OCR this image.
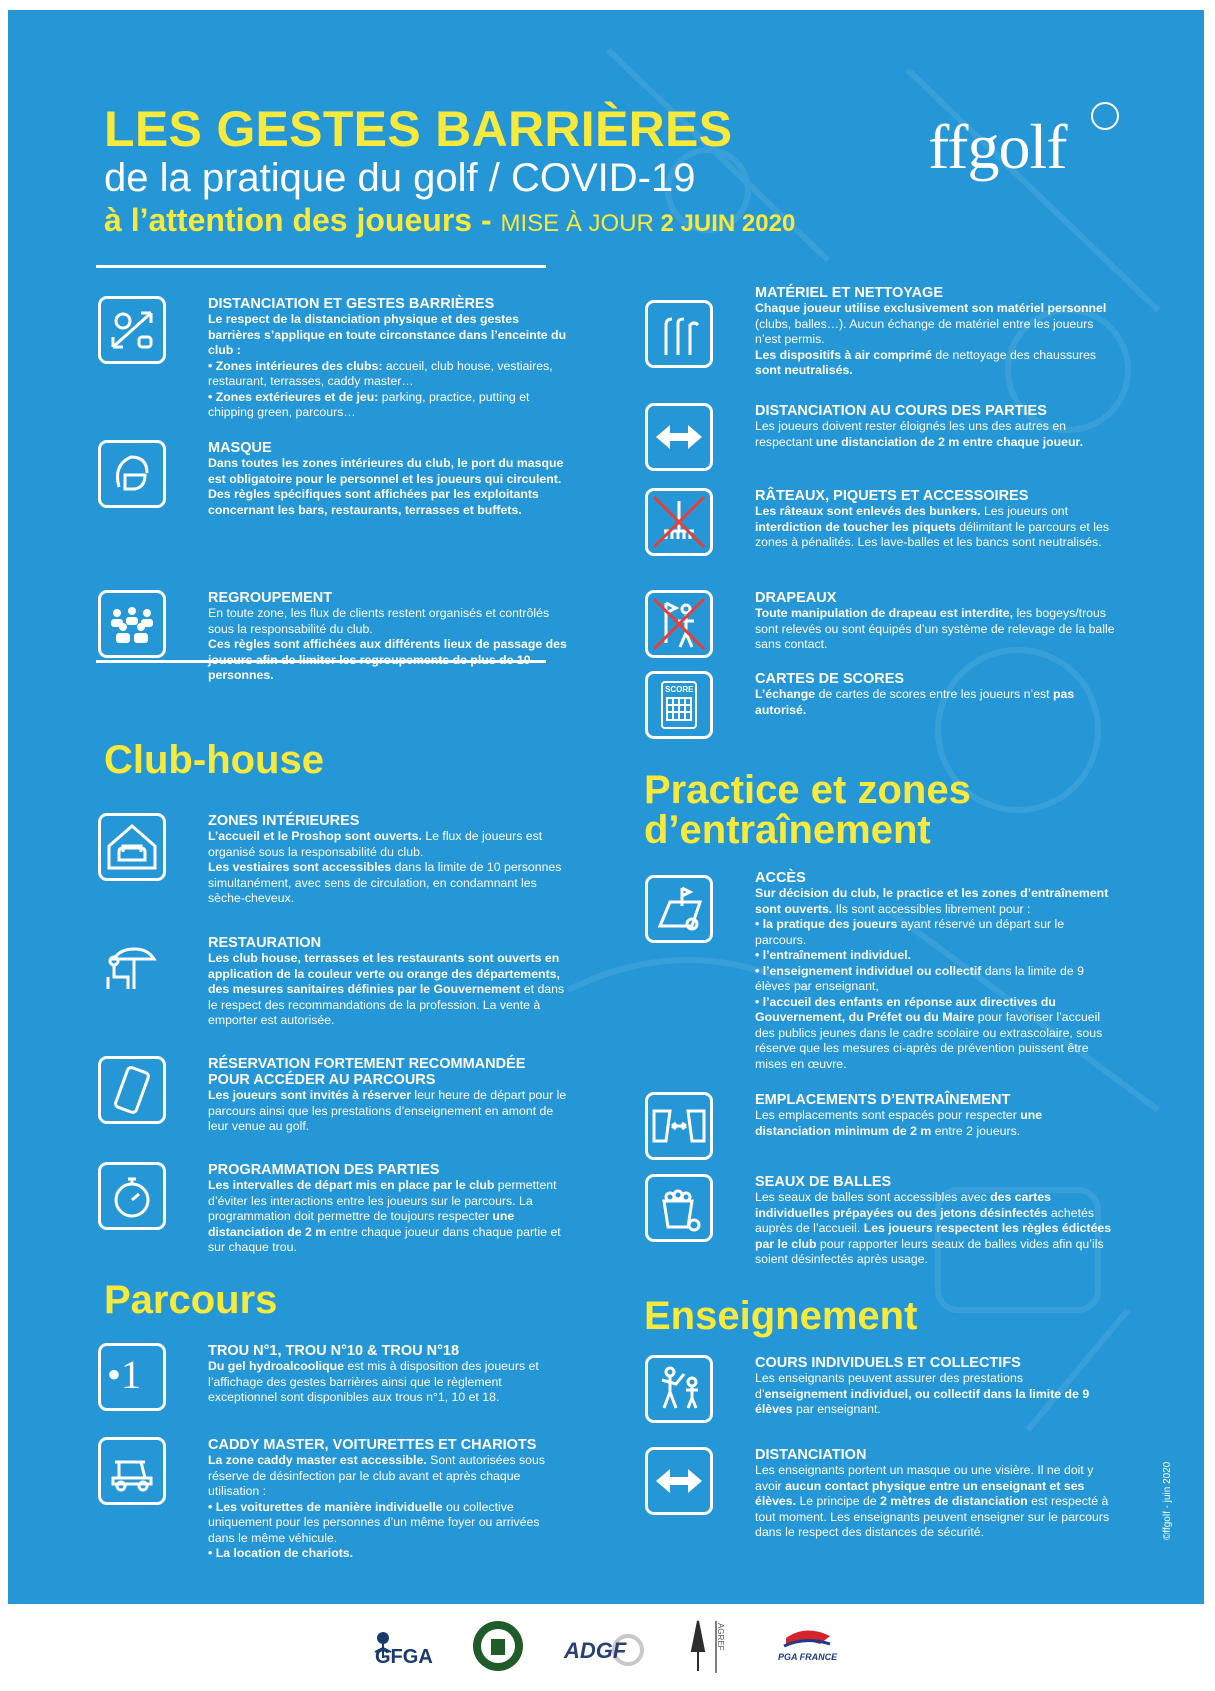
LES GESTES BARRIÈRES
de la pratique du golf / COVID-19
à l’attention des joueurs - MISE À JOUR 2 JUIN 2020
ffgolf
DISTANCIATION ET GESTES BARRIÈRES

Le respect de la distanciation physique et des gestes barrières s’applique en toute circonstance dans l’enceinte du club :

• Zones intérieures des clubs: accueil, club house, vestiaires, restaurant, terrasses, caddy master…

• Zones extérieures et de jeu: parking, practice, putting et chipping green, parcours…

MASQUE

Dans toutes les zones intérieures du club, le port du masque est obligatoire pour le personnel et les joueurs qui circulent. Des règles spécifiques sont affichées par les exploitants concernant les bars, restaurants, terrasses et buffets.

REGROUPEMENT

En toute zone, les flux de clients restent organisés et contrôlés sous la responsabilité du club.

Ces règles sont affichées aux différents lieux de passage des joueurs afin de limiter les regroupements de plus de 10 personnes.

Club-house
ZONES INTÉRIEURES

L’accueil et le Proshop sont ouverts. Le flux de joueurs est organisé sous la responsabilité du club.

Les vestiaires sont accessibles dans la limite de 10 personnes simultanément, avec sens de circulation, en condamnant les sèche-cheveux.

RESTAURATION

Les club house, terrasses et les restaurants sont ouverts en application de la couleur verte ou orange des départements, des mesures sanitaires définies par le Gouvernement et dans le respect des recommandations de la profession. La vente à emporter est autorisée.

RÉSERVATION FORTEMENT RECOMMANDÉE POUR ACCÉDER AU PARCOURS

Les joueurs sont invités à réserver leur heure de départ pour le parcours ainsi que les prestations d’enseignement en amont de leur venue au golf.

PROGRAMMATION DES PARTIES

Les intervalles de départ mis en place par le club permettent d’éviter les interactions entre les joueurs sur le parcours. La programmation doit permettre de toujours respecter une distanciation de 2 m entre chaque joueur dans chaque partie et sur chaque trou.

Parcours
•1
TROU N°1, TROU N°10 & TROU N°18

Du gel hydroalcoolique est mis à disposition des joueurs et l’affichage des gestes barrières ainsi que le règlement exceptionnel sont disponibles aux trous n°1, 10 et 18.

CADDY MASTER, VOITURETTES ET CHARIOTS

La zone caddy master est accessible. Sont autorisées sous réserve de désinfection par le club avant et après chaque utilisation :

• Les voiturettes de manière individuelle ou collective uniquement pour les personnes d’un même foyer ou arrivées dans le même véhicule.

• La location de chariots.

MATÉRIEL ET NETTOYAGE

Chaque joueur utilise exclusivement son matériel personnel (clubs, balles…). Aucun échange de matériel entre les joueurs n’est permis.

Les dispositifs à air comprimé de nettoyage des chaussures sont neutralisés.

DISTANCIATION AU COURS DES PARTIES

Les joueurs doivent rester éloignés les uns des autres en respectant une distanciation de 2 m entre chaque joueur.

RÂTEAUX, PIQUETS ET ACCESSOIRES

Les râteaux sont enlevés des bunkers. Les joueurs ont interdiction de toucher les piquets délimitant le parcours et les zones à pénalités. Les lave-balles et les bancs sont neutralisés.

DRAPEAUX

Toute manipulation de drapeau est interdite, les bogeys/trous sont relevés ou sont équipés d’un système de relevage de la balle sans contact.

SCORE
CARTES DE SCORES

L’échange de cartes de scores entre les joueurs n’est pas autorisé.

Practice et zones
d’entraînement
ACCÈS

Sur décision du club, le practice et les zones d’entraînement sont ouverts. Ils sont accessibles librement pour :

• la pratique des joueurs ayant réservé un départ sur le parcours.

• l’entraînement individuel.

• l’enseignement individuel ou collectif dans la limite de 9 élèves par enseignant,

• l’accueil des enfants en réponse aux directives du Gouvernement, du Préfet ou du Maire pour favoriser l’accueil des publics jeunes dans le cadre scolaire ou extrascolaire, sous réserve que les mesures ci-après de prévention puissent être mises en œuvre.

EMPLACEMENTS D’ENTRAÎNEMENT

Les emplacements sont espacés pour respecter une distanciation minimum de 2 m entre 2 joueurs.

SEAUX DE BALLES

Les seaux de balles sont accessibles avec des cartes individuelles prépayées ou des jetons désinfectés achetés auprès de l’accueil. Les joueurs respectent les règles édictées par le club pour rapporter leurs seaux de balles vides afin qu’ils soient désinfectés après usage.

Enseignement
COURS INDIVIDUELS ET COLLECTIFS

Les enseignants peuvent assurer des prestations d’enseignement individuel, ou collectif dans la limite de 9 élèves par enseignant.

DISTANCIATION

Les enseignants portent un masque ou une visière. Il ne doit y avoir aucun contact physique entre un enseignant et ses élèves. Le principe de 2 mètres de distanciation est respecté à tout moment. Les enseignants peuvent enseigner sur le parcours dans le respect des distances de sécurité.	©ffgolf - juin 2020
GFGA	ADGF	AGREF
PGA FRANCE
